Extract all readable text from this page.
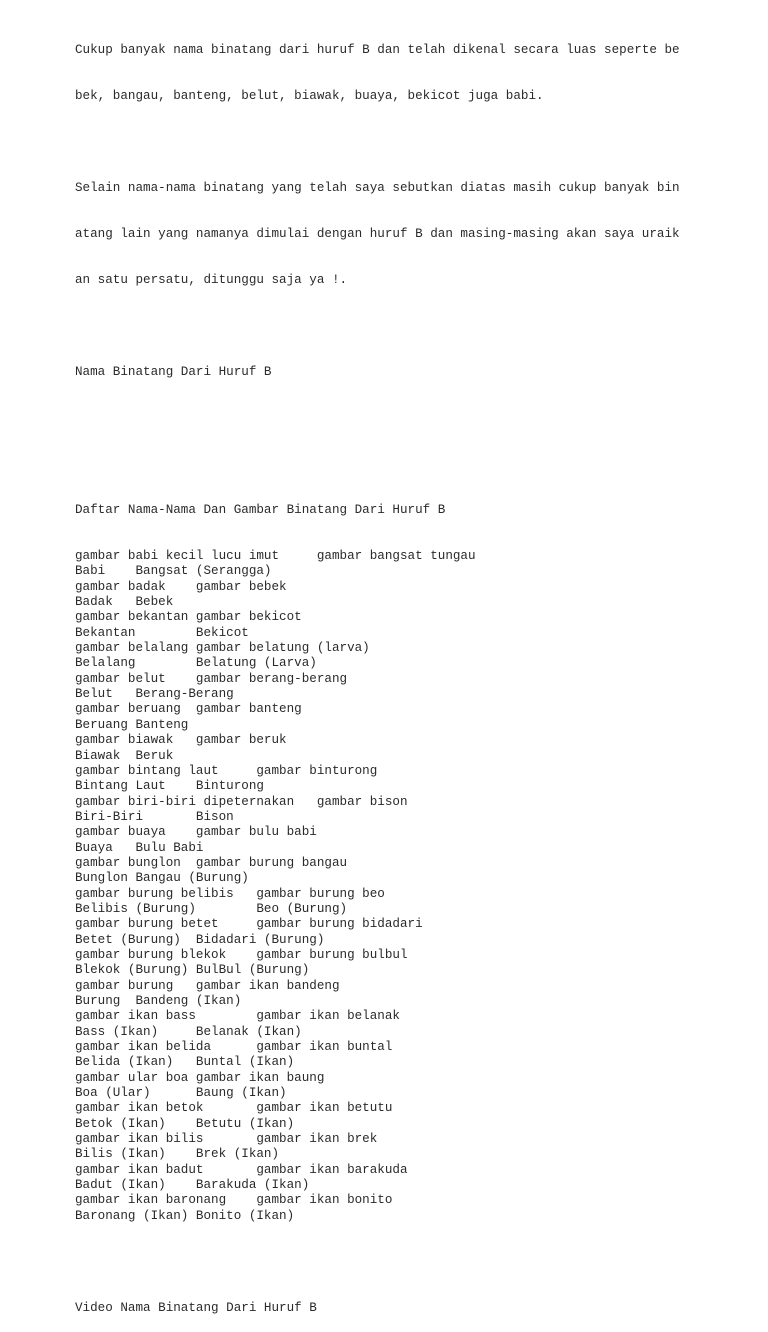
Cukup banyak nama binatang dari huruf B dan telah dikenal secara luas seperte be

bek, bangau, banteng, belut, biawak, buaya, bekicot juga babi.

Selain nama-nama binatang yang telah saya sebutkan diatas masih cukup banyak bin

atang lain yang namanya dimulai dengan huruf B dan masing-masing akan saya uraik

an satu persatu, ditunggu saja ya !.

Nama Binatang Dari Huruf B

Daftar Nama-Nama Dan Gambar Binatang Dari Huruf B

gambar babi kecil lucu imut     gambar bangsat tungau
Babi    Bangsat (Serangga)
gambar badak    gambar bebek
Badak   Bebek
gambar bekantan gambar bekicot
Bekantan        Bekicot
gambar belalang gambar belatung (larva)
Belalang        Belatung (Larva)
gambar belut    gambar berang-berang
Belut   Berang-Berang
gambar beruang  gambar banteng
Beruang Banteng
gambar biawak   gambar beruk
Biawak  Beruk
gambar bintang laut     gambar binturong
Bintang Laut    Binturong
gambar biri-biri dipeternakan   gambar bison
Biri-Biri       Bison
gambar buaya    gambar bulu babi
Buaya   Bulu Babi
gambar bunglon  gambar burung bangau
Bunglon Bangau (Burung)
gambar burung belibis   gambar burung beo
Belibis (Burung)        Beo (Burung)
gambar burung betet     gambar burung bidadari
Betet (Burung)  Bidadari (Burung)
gambar burung blekok    gambar burung bulbul
Blekok (Burung) BulBul (Burung)
gambar burung   gambar ikan bandeng
Burung  Bandeng (Ikan)
gambar ikan bass        gambar ikan belanak
Bass (Ikan)     Belanak (Ikan)
gambar ikan belida      gambar ikan buntal
Belida (Ikan)   Buntal (Ikan)
gambar ular boa gambar ikan baung
Boa (Ular)      Baung (Ikan)
gambar ikan betok       gambar ikan betutu
Betok (Ikan)    Betutu (Ikan)
gambar ikan bilis       gambar ikan brek
Bilis (Ikan)    Brek (Ikan)
gambar ikan badut       gambar ikan barakuda
Badut (Ikan)    Barakuda (Ikan)
gambar ikan baronang    gambar ikan bonito
Baronang (Ikan) Bonito (Ikan)

Video Nama Binatang Dari Huruf B
